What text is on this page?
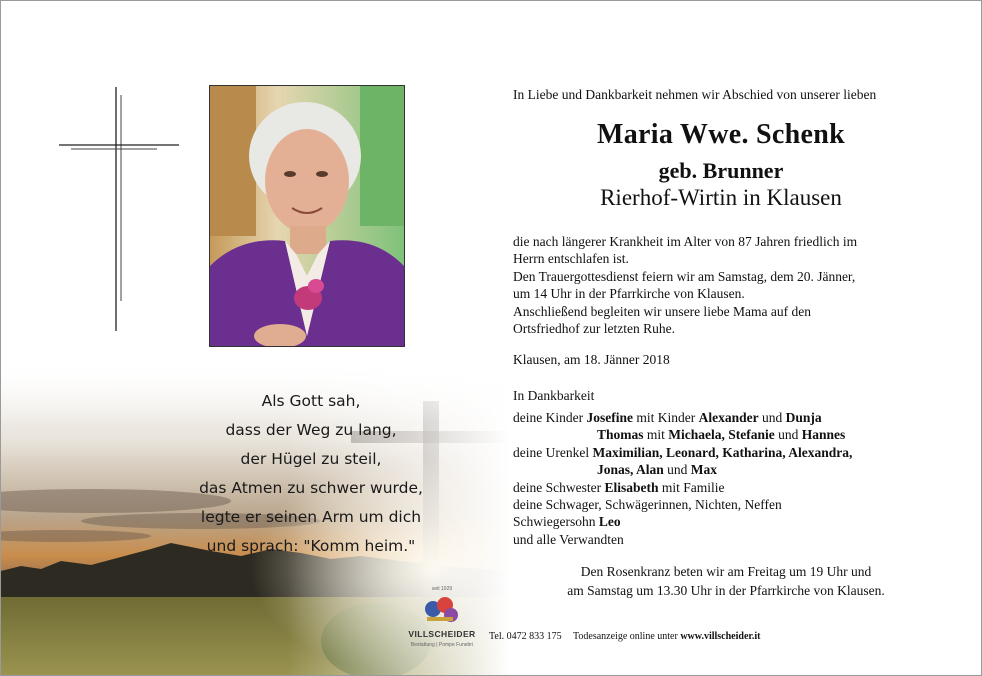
Als Gott sah,
dass der Weg zu lang,
der Hügel zu steil,
das Atmen zu schwer wurde,
legte er seinen Arm um dich
und sprach: "Komm heim."
In Liebe und Dankbarkeit nehmen wir Abschied von unserer lieben
Maria Wwe. Schenk
geb. Brunner
Rierhof-Wirtin in Klausen
die nach längerer Krankheit im Alter von 87 Jahren friedlich im
Herrn entschlafen ist.
Den Trauergottesdienst feiern wir am Samstag, dem 20. Jänner,
um 14 Uhr in der Pfarrkirche von Klausen.
Anschließend begleiten wir unsere liebe Mama auf den
Ortsfriedhof zur letzten Ruhe.
Klausen, am 18. Jänner 2018
In Dankbarkeit
deine Kinder Josefine mit Kinder Alexander und Dunja
Thomas mit Michaela, Stefanie und Hannes
deine Urenkel Maximilian, Leonard, Katharina, Alexandra,
Jonas, Alan und Max
deine Schwester Elisabeth mit Familie
deine Schwager, Schwägerinnen, Nichten, Neffen
Schwiegersohn Leo
und alle Verwandten
Den Rosenkranz beten wir am Freitag um 19 Uhr und
am Samstag um 13.30 Uhr in der Pfarrkirche von Klausen.
seit 1929
VILLSCHEIDER
Bestattung | Pompe Funebri
Tel. 0472 833 175 Todesanzeige online unter www.villscheider.it
